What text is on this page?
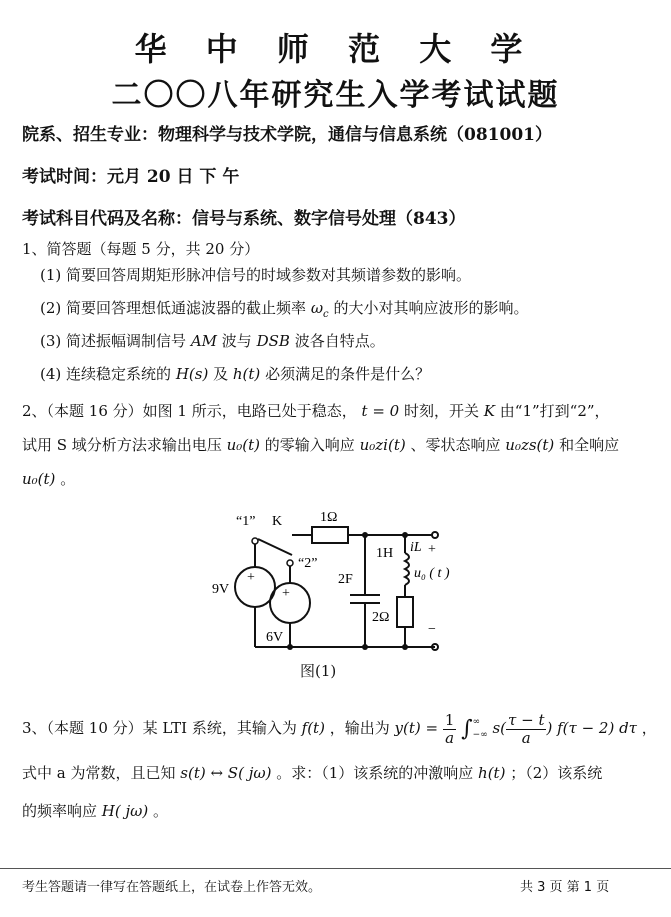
华 中 师 范 大 学
二〇〇八年研究生入学考试试题
院系、招生专业：物理科学与技术学院，通信与信息系统（081001）
考试时间：元月 20 日 下 午
考试科目代码及名称：信号与系统、数字信号处理（843）
1、简答题（每题 5 分，共 20 分）
(1) 简要回答周期矩形脉冲信号的时域参数对其频谱参数的影响。
(2) 简要回答理想低通滤波器的截止频率 $\omega_c$ 的大小对其响应波形的影响。
(3) 简述振幅调制信号 AM 波与 DSB 波各自特点。
(4) 连续稳定系统的 H(s) 及 h(t) 必须满足的条件是什么？
2、（本题 16 分）如图 1 所示，电路已处于稳态， t = 0 时刻，开关 K 由“1”打到“2”，
试用 S 域分析方法求输出电压 u₀(t) 的零输入响应 u₀zi(t) 、零状态响应 u₀zs(t) 和全响应
u₀(t) 。
“1” K	1Ω
“2”
9V
6V
1H
2F
2Ω
iL +
u₀ ( t )
−
+
+
图(1)
3、（本题 10 分）某 LTI 系统，其输入为 f(t) ，输出为 $y(t) = \frac{1}{a}$ ∫ ∞
−∞ $s( \frac{\tau - t}{a}$ ) f(τ − 2) dτ ，
式中 a 为常数，且已知 s(t) ↔ S( jω) 。求：（1）该系统的冲激响应 h(t) ；（2）该系统
的频率响应 H( jω) 。
考生答题请一律写在答题纸上，在试卷上作答无效。	共 3 页 第 1 页
